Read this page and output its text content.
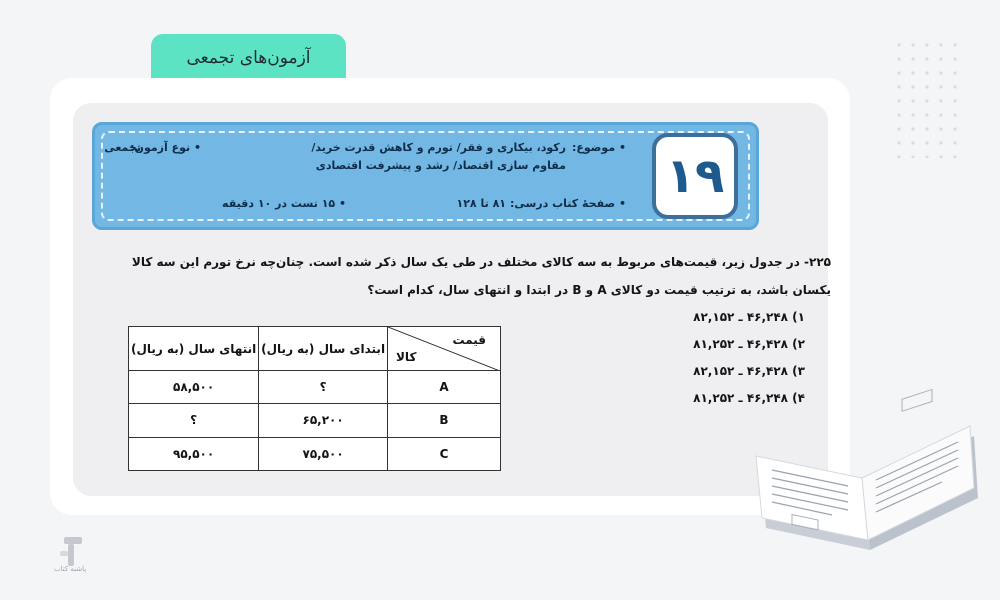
آزمون‌های تجمعی
۱۹
• موضوع:
رکود، بیکاری و فقر/ تورم و کاهش قدرت خرید/
مقاوم سازی اقتصاد/ رشد و پیشرفت اقتصادی
• نوع آزمون:
تجمعی
• صفحهٔ کتاب درسی:
۸۱ تا ۱۲۸
• ۱۵ تست در ۱۰ دقیقه
۲۲۵- در جدول زیر، قیمت‌های مربوط به سه کالای مختلف در طی یک سال ذکر شده است. چنان‌چه نرخ تورم این سه کالا یکسان باشد، به ترتیب قیمت دو کالای A و B در ابتدا و انتهای سال، کدام است؟
۱) ۴۶,۲۴۸ ـ ۸۲,۱۵۲
۲) ۴۶,۴۲۸ ـ ۸۱,۲۵۲
۳) ۴۶,۴۲۸ ـ ۸۲,۱۵۲
۴) ۴۶,۲۴۸ ـ ۸۱,۲۵۲
قیمت
کالا	ابتدای سال (به ریال)	انتهای سال (به ریال)
A	؟	۵۸,۵۰۰
B	۶۵,۲۰۰	؟
C	۷۵,۵۰۰	۹۵,۵۰۰
پاشنه کتاب
